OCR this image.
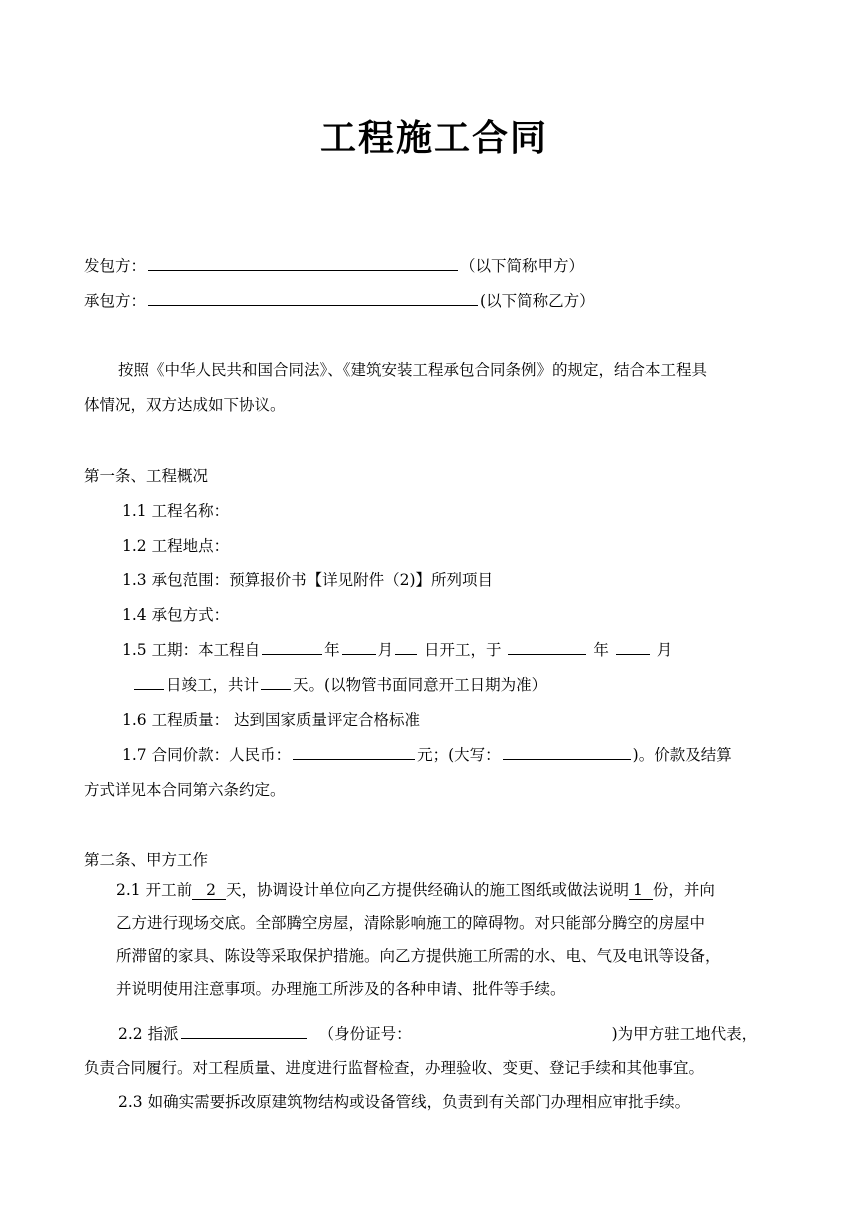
工程施工合同
发包方：	（以下简称甲方）
承包方：	(以下简称乙方）
按照《中华人民共和国合同法》、《建筑安装工程承包合同条例》的规定，结合本工程具
体情况，双方达成如下协议。
第一条、工程概况
1.1 工程名称：
1.2 工程地点：
1.3 承包范围：预算报价书【详见附件（2)】所列项目
1.4 承包方式：
1.5 工期：本工程自	年 月 日开工，于	年  月
日竣工，共计 天。(以物管书面同意开工日期为准）
1.6 工程质量： 达到国家质量评定合格标准
1.7 合同价款：人民币：	元；(大写：	)。价款及结算
方式详见本合同第六条约定。
第二条、甲方工作
2.1 开工前 2 天，协调设计单位向乙方提供经确认的施工图纸或做法说明 1 份，并向
乙方进行现场交底。全部腾空房屋，清除影响施工的障碍物。对只能部分腾空的房屋中
所滞留的家具、陈设等采取保护措施。向乙方提供施工所需的水、电、气及电讯等设备，
并说明使用注意事项。办理施工所涉及的各种申请、批件等手续。
2.2 指派	（身份证号：	)为甲方驻工地代表，
负责合同履行。对工程质量、进度进行监督检查，办理验收、变更、登记手续和其他事宜。
2.3 如确实需要拆改原建筑物结构或设备管线，负责到有关部门办理相应审批手续。
